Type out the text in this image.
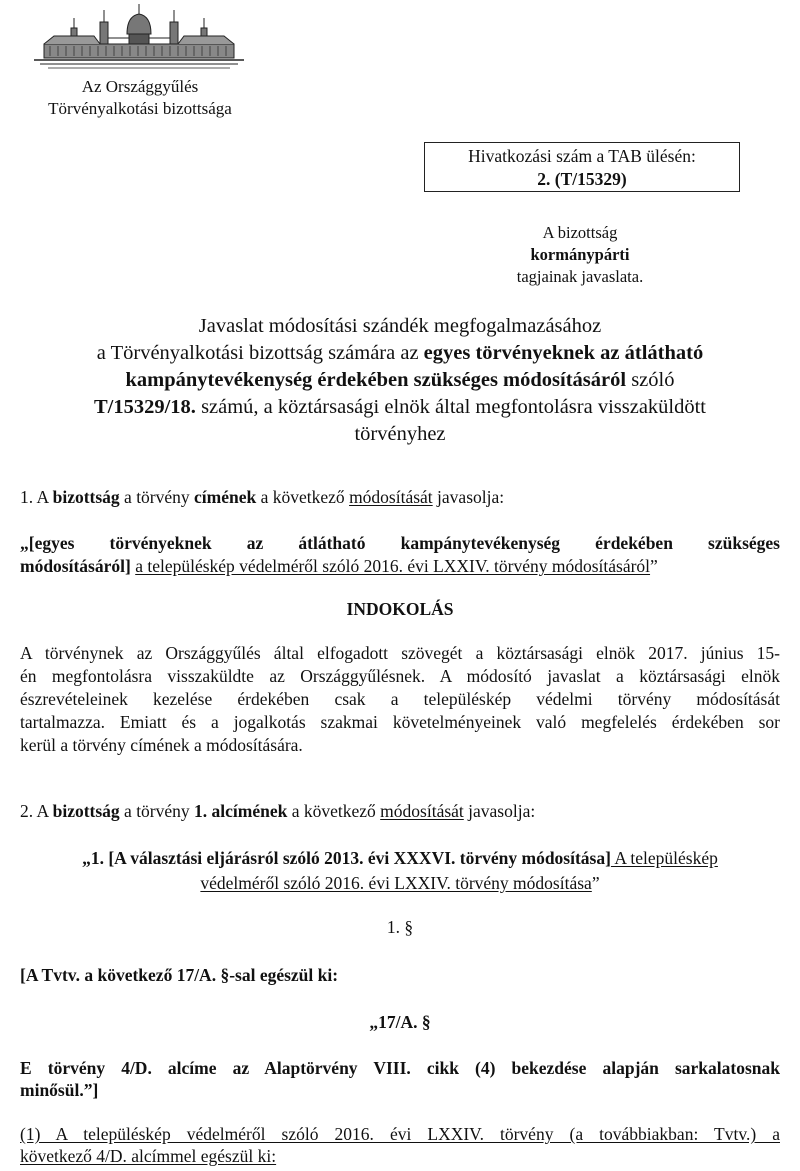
Az Országgyűlés
Törvényalkotási bizottsága
Hivatkozási szám a TAB ülésén:
2. (T/15329)
A bizottság
kormánypárti
tagjainak javaslata.
Javaslat módosítási szándék megfogalmazásához
a Törvényalkotási bizottság számára az egyes törvényeknek az átlátható
kampánytevékenység érdekében szükséges módosításáról szóló
T/15329/18. számú, a köztársasági elnök által megfontolásra visszaküldött
törvényhez

1. A bizottság a törvény címének a következő módosítását javasolja:

„[egyes törvényeknek az átlátható kampánytevékenység érdekében szükséges
módosításáról] a településkép védelméről szóló 2016. évi LXXIV. törvény módosításáról”
INDOKOLÁS
A törvénynek az Országgyűlés által elfogadott szövegét a köztársasági elnök 2017. június 15-
én megfontolásra visszaküldte az Országgyűlésnek. A módosító javaslat a köztársasági elnök
észrevételeinek kezelése érdekében csak a településkép védelmi törvény módosítását
tartalmazza. Emiatt és a jogalkotás szakmai követelményeinek való megfelelés érdekében sor
kerül a törvény címének a módosítására.

2. A bizottság a törvény 1. alcímének a következő módosítását javasolja:

„1. [A választási eljárásról szóló 2013. évi XXXVI. törvény módosítása] A településkép
védelméről szóló 2016. évi LXXIV. törvény módosítása”
1. §
[A Tvtv. a következő 17/A. §-sal egészül ki:
„17/A. §
E törvény 4/D. alcíme az Alaptörvény VIII. cikk (4) bekezdése alapján sarkalatosnak
minősül.”]
(1) A településkép védelméről szóló 2016. évi LXXIV. törvény (a továbbiakban: Tvtv.) a
következő 4/D. alcímmel egészül ki:
